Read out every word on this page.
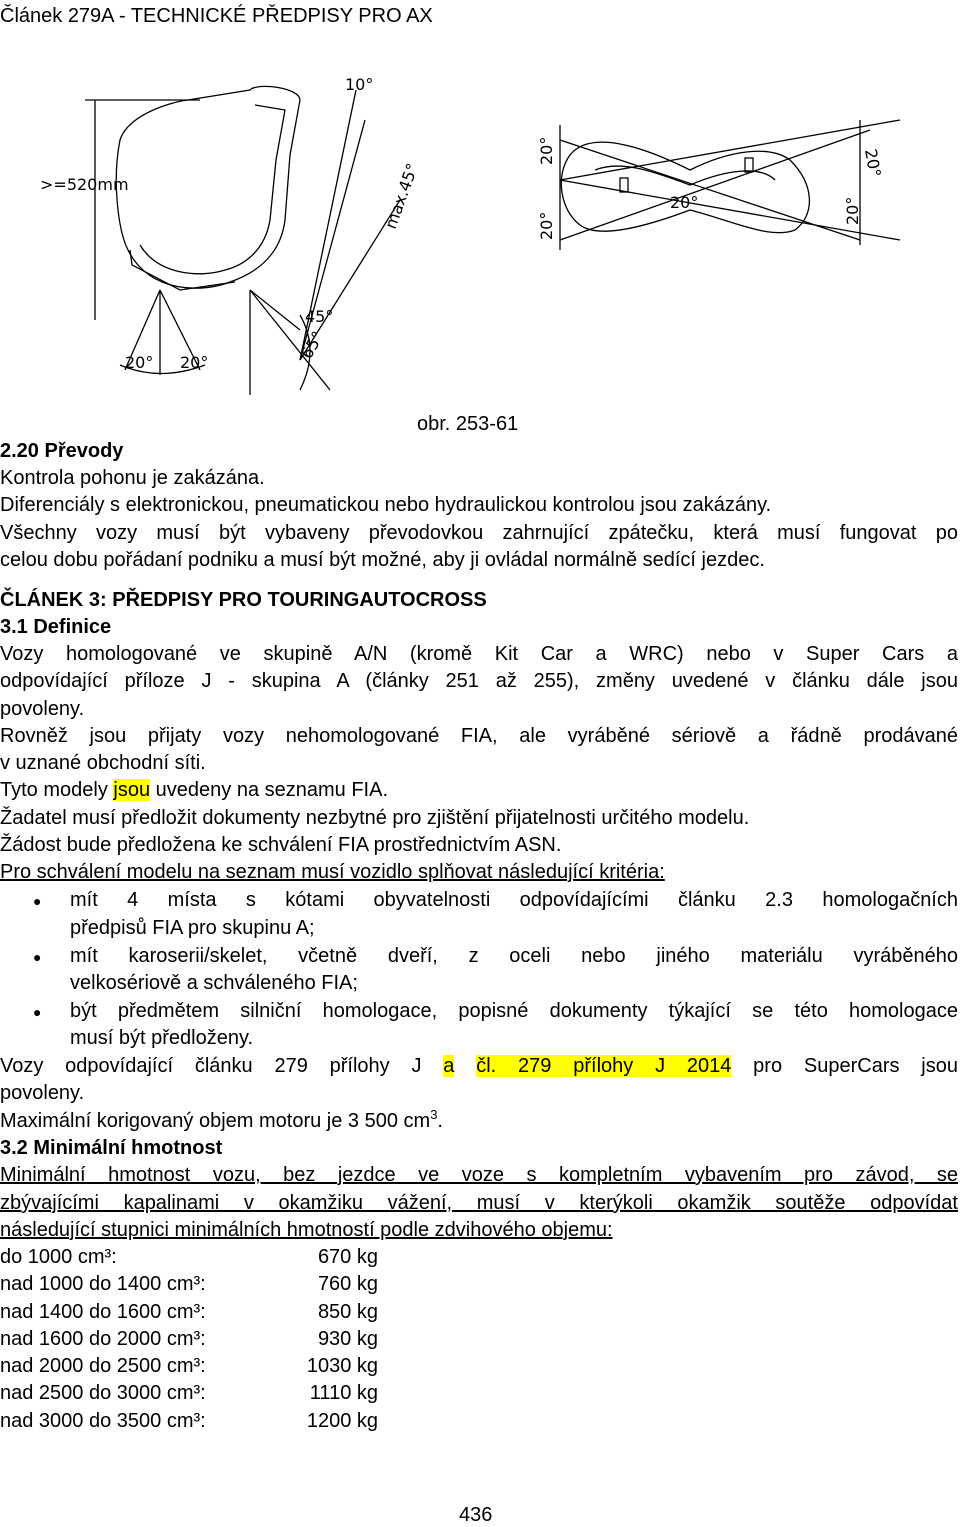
Článek 279A - TECHNICKÉ PŘEDPISY PRO AX
10°
>=520mm	max.45°
45°
65°
20° 20°
20°
20°
20°
20°
20°
obr. 253-61
2.20 Převody
Kontrola pohonu je zakázána.
Diferenciály s elektronickou, pneumatickou nebo hydraulickou kontrolou jsou zakázány.
Všechny vozy musí být vybaveny převodovkou zahrnující zpátečku, která musí fungovat po
celou dobu pořádaní podniku a musí být možné, aby ji ovládal normálně sedící jezdec.
ČLÁNEK 3: PŘEDPISY PRO TOURINGAUTOCROSS
3.1 Definice
Vozy homologované ve skupině A/N (kromě Kit Car a WRC) nebo v Super Cars a
odpovídající příloze J - skupina A (články 251 až 255), změny uvedené v článku dále jsou
povoleny.
Rovněž jsou přijaty vozy nehomologované FIA, ale vyráběné sériově a řádně prodávané
v uznané obchodní síti.
Tyto modely jsou uvedeny na seznamu FIA.
Žadatel musí předložit dokumenty nezbytné pro zjištění přijatelnosti určitého modelu.
Žádost bude předložena ke schválení FIA prostřednictvím ASN.
Pro schválení modelu na seznam musí vozidlo splňovat následující kritéria:
● mít 4 místa s kótami obyvatelnosti odpovídajícími článku 2.3 homologačních
předpisů FIA pro skupinu A;
● mít karoserii/skelet, včetně dveří, z oceli nebo jiného materiálu vyráběného
velkosériově a schváleného FIA;
● být předmětem silniční homologace, popisné dokumenty týkající se této homologace
musí být předloženy.
Vozy odpovídající článku 279 přílohy J a čl. 279 přílohy J 2014 pro SuperCars jsou
povoleny.
Maximální korigovaný objem motoru je 3 500 $cm^3$.
3.2 Minimální hmotnost
Minimální hmotnost vozu, bez jezdce ve voze s kompletním vybavením pro závod, se
zbývajícími kapalinami v okamžiku vážení, musí v kterýkoli okamžik soutěže odpovídat
následující stupnici minimálních hmotností podle zdvihového objemu:
do 1000 cm³:	670 kg
nad 1000 do 1400 cm³:	760 kg
nad 1400 do 1600 cm³:	850 kg
nad 1600 do 2000 cm³:	930 kg
nad 2000 do 2500 cm³:	1030 kg
nad 2500 do 3000 cm³:	1110 kg
nad 3000 do 3500 cm³:	1200 kg
436
